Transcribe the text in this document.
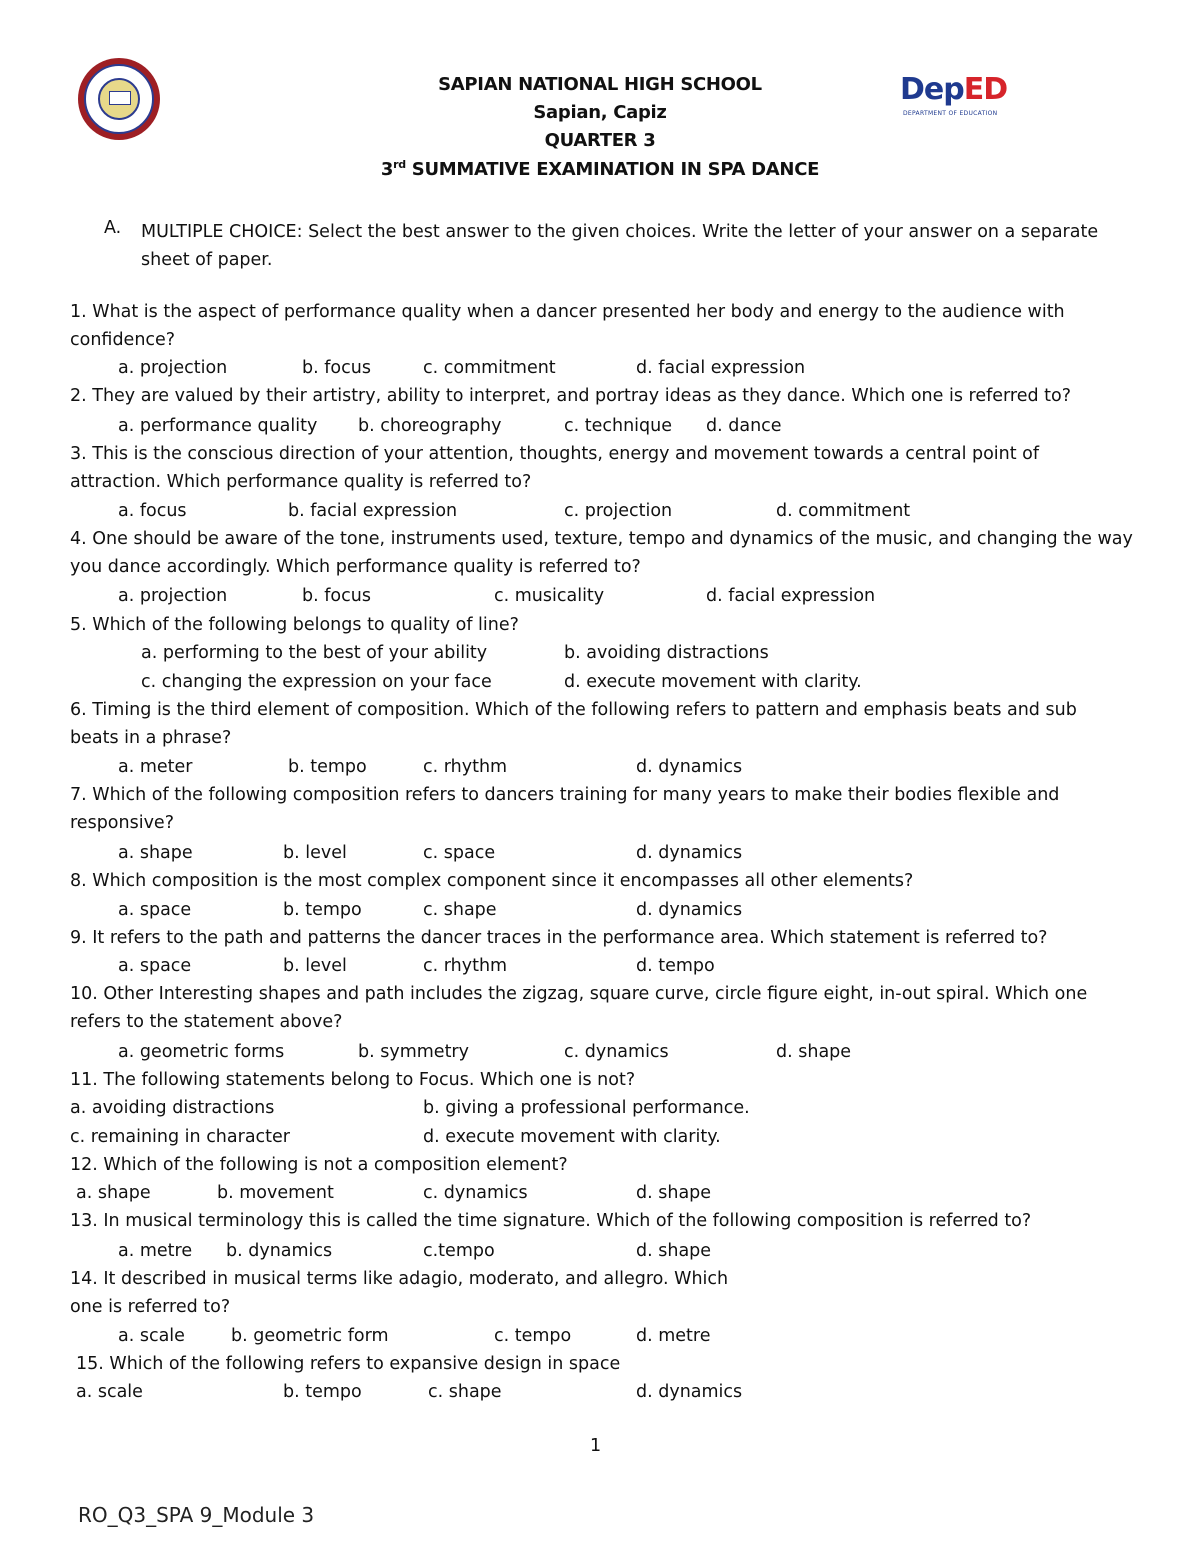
DepED
DEPARTMENT OF EDUCATION
SAPIAN NATIONAL HIGH SCHOOL
Sapian, Capiz
QUARTER 3
3rd SUMMATIVE EXAMINATION IN SPA DANCE
A. MULTIPLE CHOICE: Select the best answer to the given choices. Write the letter of your answer on a separate sheet of paper.
1. What is the aspect of performance quality when a dancer presented her body and energy to the audience with
confidence?
a. projection	b. focus	c. commitment	d. facial expression
2. They are valued by their artistry, ability to interpret, and portray ideas as they dance. Which one is referred to?
a. performance quality b. choreography	c. technique d. dance
3. This is the conscious direction of your attention, thoughts, energy and movement towards a central point of
attraction. Which performance quality is referred to?
a. focus	b. facial expression	c. projection	d. commitment
4. One should be aware of the tone, instruments used, texture, tempo and dynamics of the music, and changing the way
you dance accordingly. Which performance quality is referred to?
a. projection	b. focus	c. musicality	d. facial expression
5. Which of the following belongs to quality of line?
a. performing to the best of your ability	b. avoiding distractions
c. changing the expression on your face	d. execute movement with clarity.
6. Timing is the third element of composition. Which of the following refers to pattern and emphasis beats and sub
beats in a phrase?
a. meter	b. tempo	c. rhythm	d. dynamics
7. Which of the following composition refers to dancers training for many years to make their bodies flexible and
responsive?
a. shape	b. level	c. space	d. dynamics
8. Which composition is the most complex component since it encompasses all other elements?
a. space	b. tempo	c. shape	d. dynamics
9. It refers to the path and patterns the dancer traces in the performance area. Which statement is referred to?
a. space	b. level	c. rhythm	d. tempo
10. Other Interesting shapes and path includes the zigzag, square curve, circle figure eight, in-out spiral. Which one
refers to the statement above?
a. geometric forms	b. symmetry	c. dynamics	d. shape
11. The following statements belong to Focus. Which one is not?
a. avoiding distractions	b. giving a professional performance.
c. remaining in character	d. execute movement with clarity.
12. Which of the following is not a composition element?
a. shape	b. movement	c. dynamics	d. shape
13. In musical terminology this is called the time signature. Which of the following composition is referred to?
a. metre b. dynamics	c.tempo	d. shape
14. It described in musical terms like adagio, moderato, and allegro. Which
one is referred to?
a. scale	b. geometric form	c. tempo	d. metre
15. Which of the following refers to expansive design in space
a. scale	b. tempo	c. shape	d. dynamics
1
RO_Q3_SPA 9_Module 3
